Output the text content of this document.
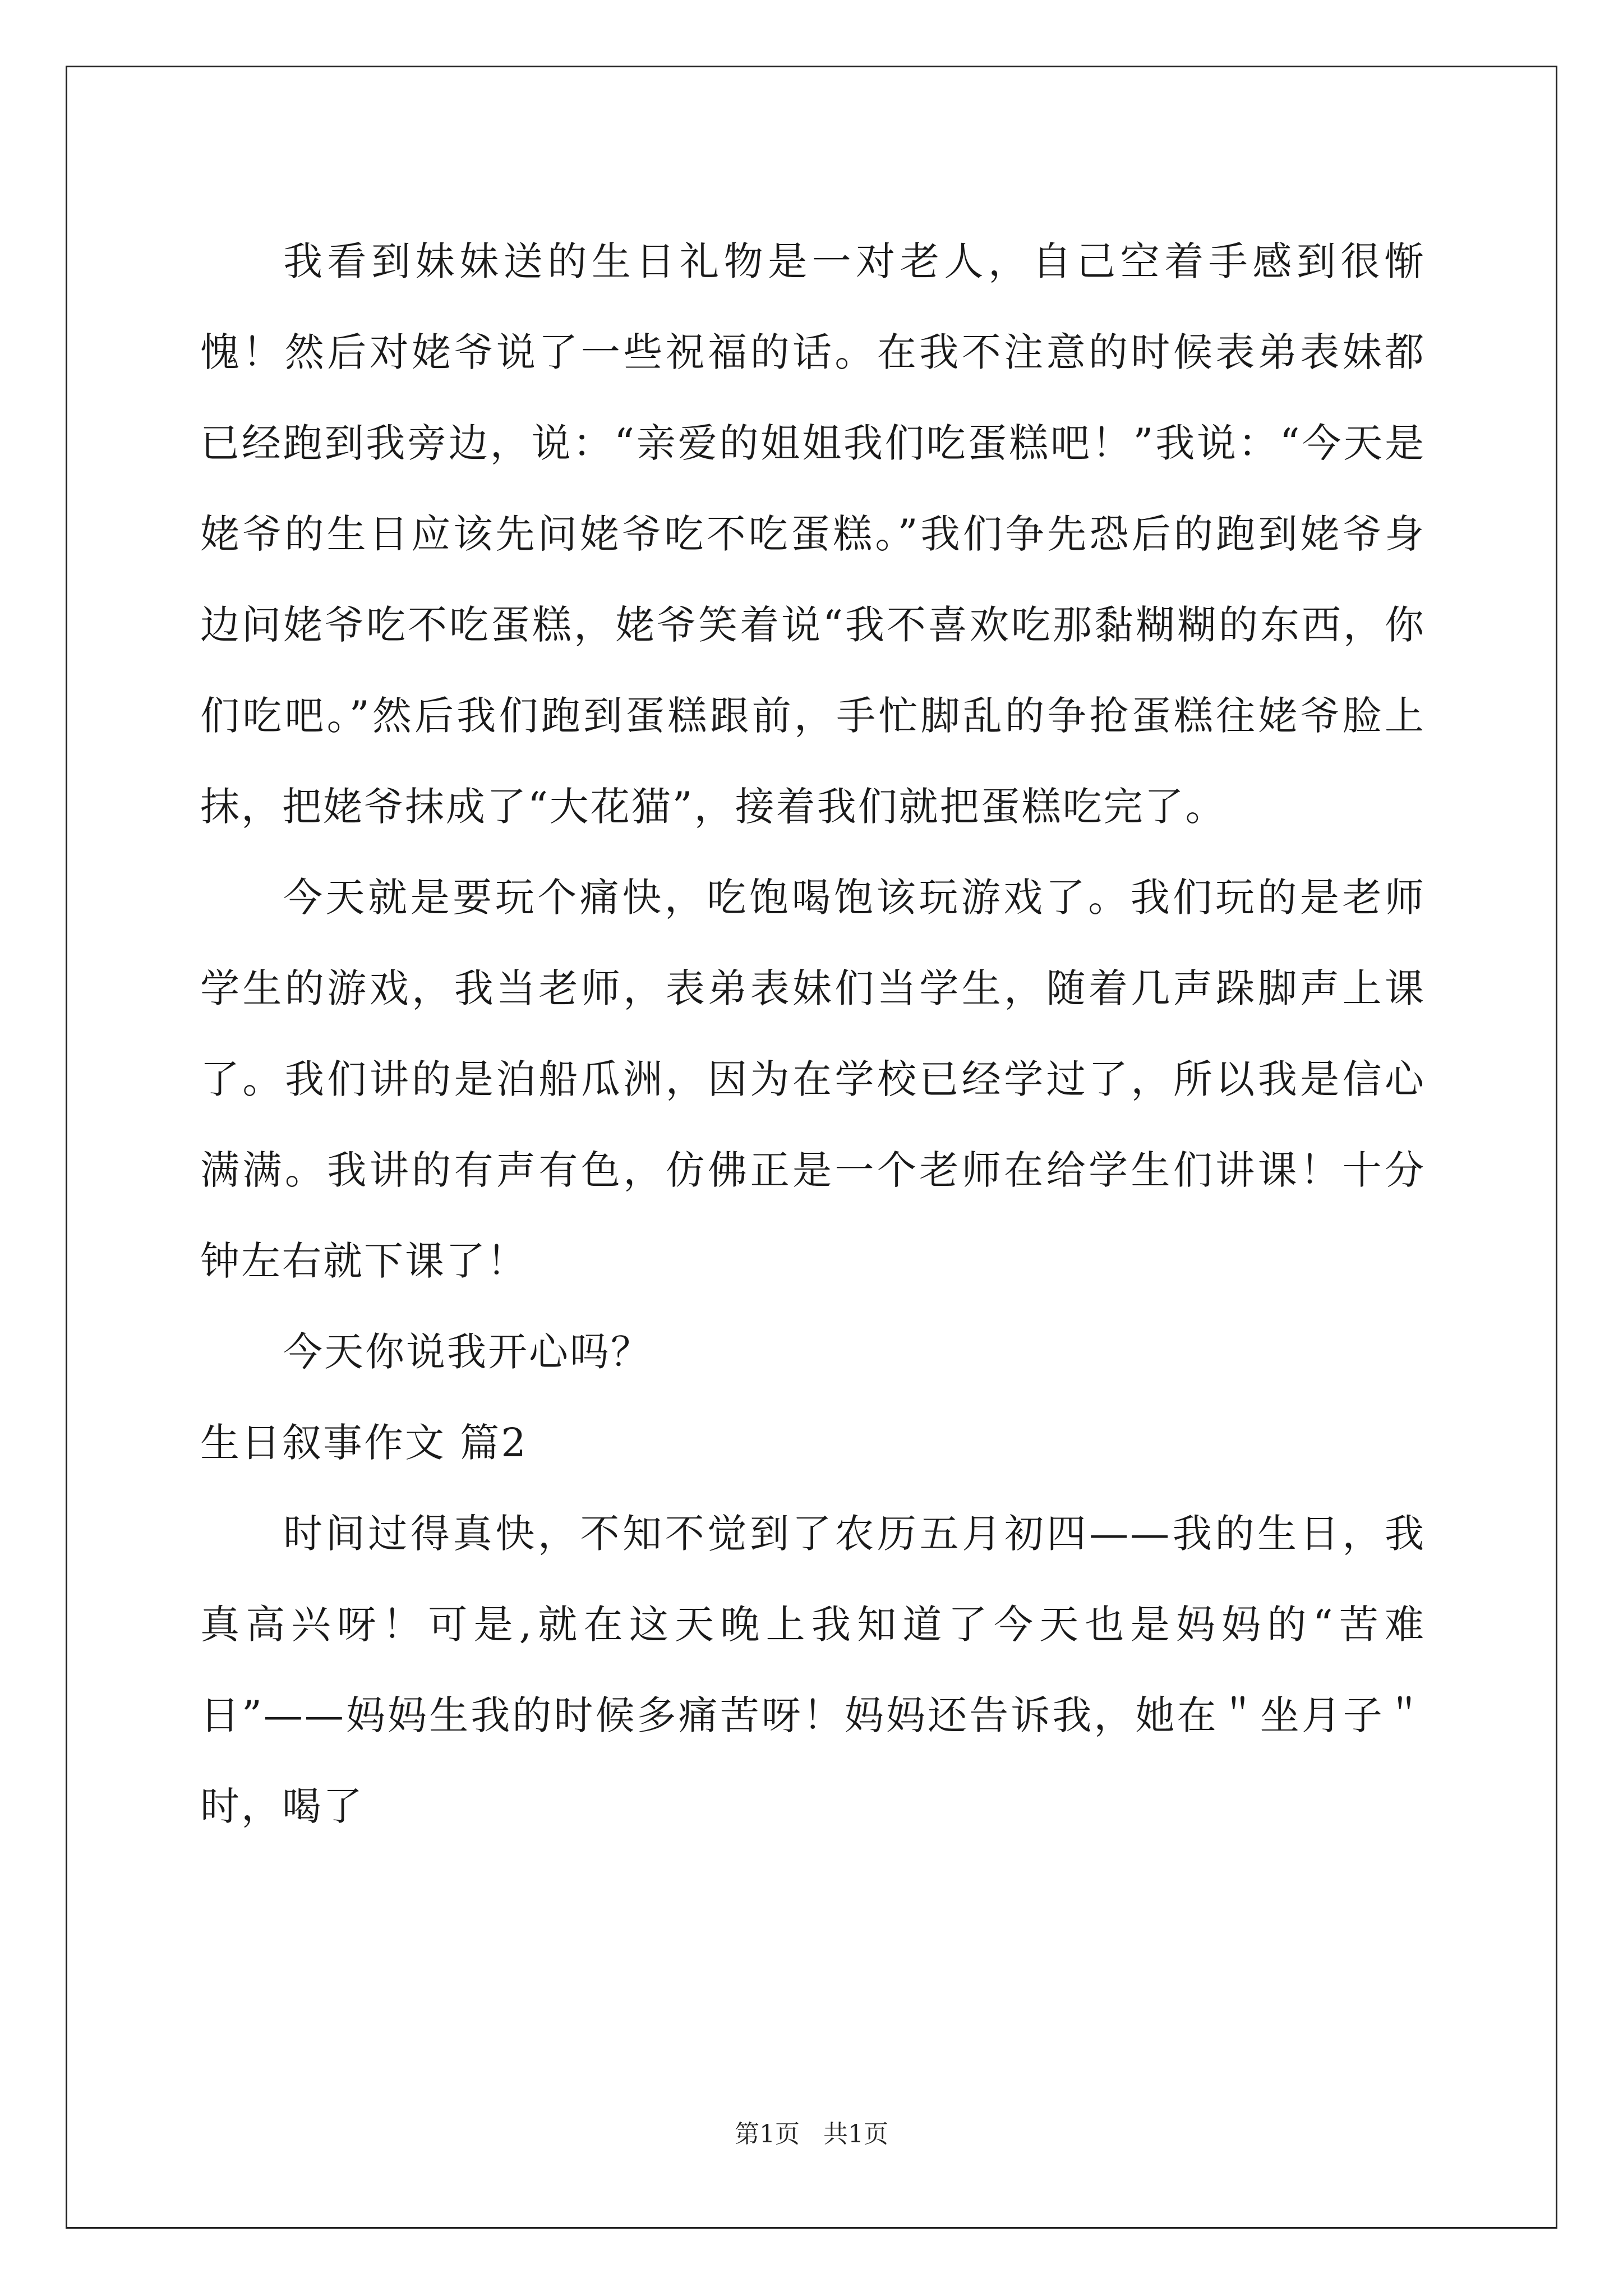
我看到妹妹送的生日礼物是一对老人，自己空着手感到很惭愧！然后对姥爷说了一些祝福的话。在我不注意的时候表弟表妹都已经跑到我旁边，说：“亲爱的姐姐我们吃蛋糕吧！”我说：“今天是姥爷的生日应该先问姥爷吃不吃蛋糕。”我们争先恐后的跑到姥爷身边问姥爷吃不吃蛋糕，姥爷笑着说“我不喜欢吃那黏糊糊的东西，你们吃吧。”然后我们跑到蛋糕跟前，手忙脚乱的争抢蛋糕往姥爷脸上抹，把姥爷抹成了“大花猫”，接着我们就把蛋糕吃完了。

今天就是要玩个痛快，吃饱喝饱该玩游戏了。我们玩的是老师学生的游戏，我当老师，表弟表妹们当学生，随着几声跺脚声上课了。我们讲的是泊船瓜洲，因为在学校已经学过了，所以我是信心满满。我讲的有声有色，仿佛正是一个老师在给学生们讲课！十分钟左右就下课了！

今天你说我开心吗？

生日叙事作文 篇2

时间过得真快，不知不觉到了农历五月初四——我的生日，我真高兴呀！可是,就在这天晚上我知道了今天也是妈妈的“苦难日”——妈妈生我的时候多痛苦呀！妈妈还告诉我，她在＂坐月子＂时，喝了

第1页 共1页
